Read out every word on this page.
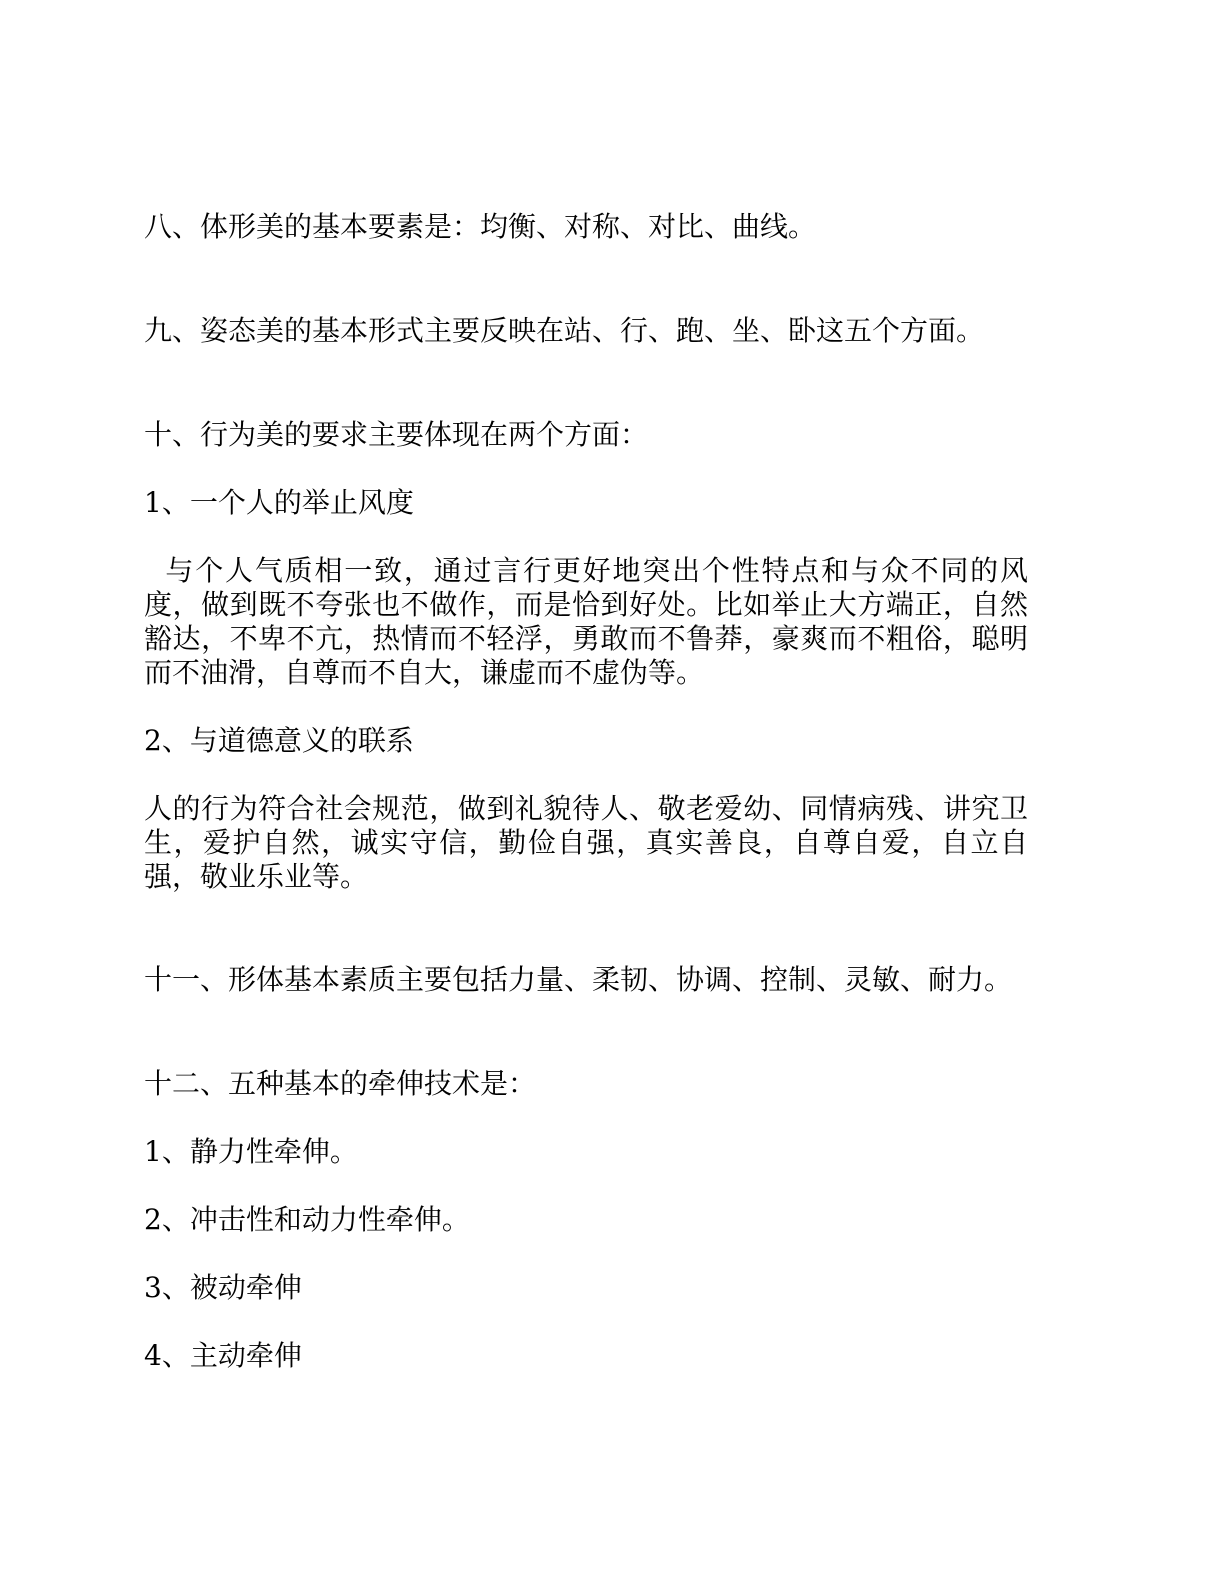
八、体形美的基本要素是：均衡、对称、对比、曲线。

九、姿态美的基本形式主要反映在站、行、跑、坐、卧这五个方面。

十、行为美的要求主要体现在两个方面：

1、一个人的举止风度

与个人气质相一致，通过言行更好地突出个性特点和与众不同的风度，做到既不夸张也不做作，而是恰到好处。比如举止大方端正，自然豁达，不卑不亢，热情而不轻浮，勇敢而不鲁莽，豪爽而不粗俗，聪明而不油滑，自尊而不自大，谦虚而不虚伪等。

2、与道德意义的联系

人的行为符合社会规范，做到礼貌待人、敬老爱幼、同情病残、讲究卫生，爱护自然，诚实守信，勤俭自强，真实善良，自尊自爱，自立自强，敬业乐业等。

十一、形体基本素质主要包括力量、柔韧、协调、控制、灵敏、耐力。

十二、五种基本的牵伸技术是：

1、静力性牵伸。

2、冲击性和动力性牵伸。

3、被动牵伸

4、主动牵伸
